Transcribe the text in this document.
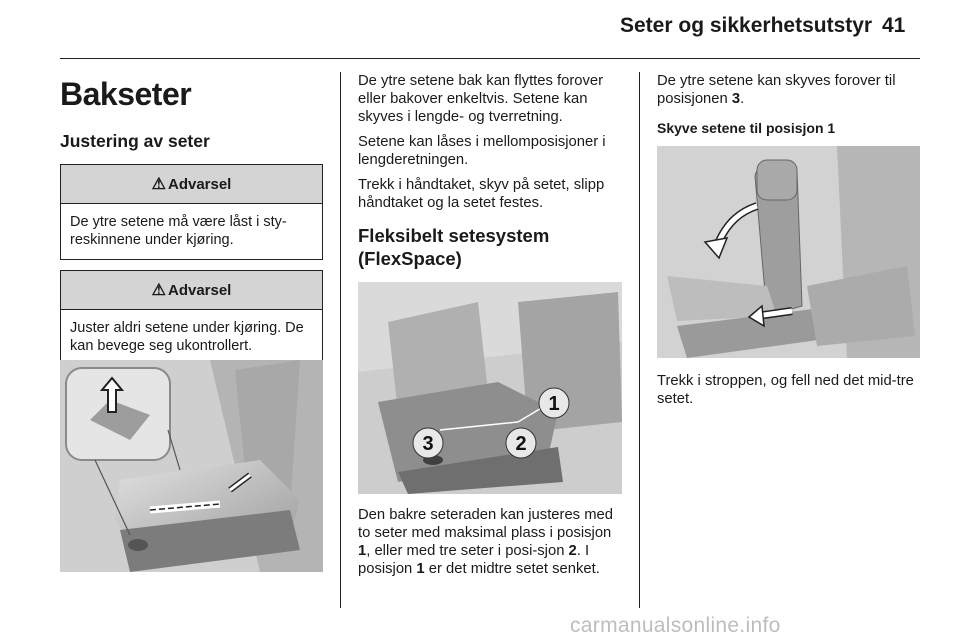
Seter og sikkerhetsutstyr 41
Bakseter
Justering av seter
⚠ Advarsel
De ytre setene må være låst i sty-reskinnene under kjøring.
⚠ Advarsel
Juster aldri setene under kjøring. De kan bevege seg ukontrollert.

De ytre setene bak kan flyttes forover eller bakover enkeltvis. Setene kan skyves i lengde- og tverretning.

Setene kan låses i mellomposisjoner i lengderetningen.

Trekk i håndtaket, skyv på setet, slipp håndtaket og la setet festes.

Fleksibelt setesystem (FlexSpace)
1
2
3

Den bakre seteraden kan justeres med to seter med maksimal plass i posisjon 1, eller med tre seter i posi-sjon 2. I posisjon 1 er det midtre setet senket.

De ytre setene kan skyves forover til posisjonen 3.

Skyve setene til posisjon 1

Trekk i stroppen, og fell ned det mid-tre setet.

carmanualsonline.info
